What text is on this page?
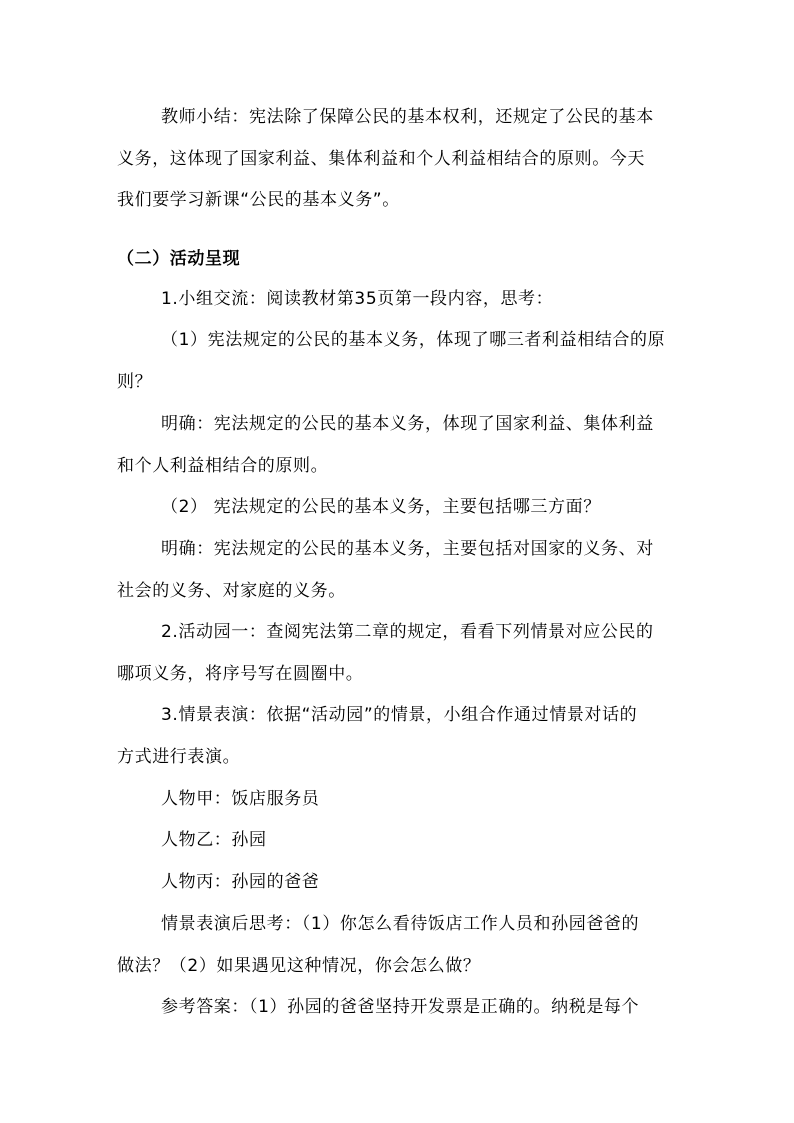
教师小结：宪法除了保障公民的基本权利，还规定了公民的基本
义务，这体现了国家利益、集体利益和个人利益相结合的原则。今天
我们要学习新课“公民的基本义务”。
（二）活动呈现
1.小组交流：阅读教材第35页第一段内容，思考：
（1）宪法规定的公民的基本义务，体现了哪三者利益相结合的原
则？
明确：宪法规定的公民的基本义务，体现了国家利益、集体利益
和个人利益相结合的原则。
（2） 宪法规定的公民的基本义务，主要包括哪三方面？
明确：宪法规定的公民的基本义务，主要包括对国家的义务、对
社会的义务、对家庭的义务。
2.活动园一：查阅宪法第二章的规定，看看下列情景对应公民的
哪项义务，将序号写在圆圈中。
3.情景表演：依据“活动园”的情景，小组合作通过情景对话的
方式进行表演。
人物甲：饭店服务员
人物乙：孙园
人物丙：孙园的爸爸
情景表演后思考：（1）你怎么看待饭店工作人员和孙园爸爸的
做法？（2）如果遇见这种情况，你会怎么做？
参考答案：（1）孙园的爸爸坚持开发票是正确的。纳税是每个
